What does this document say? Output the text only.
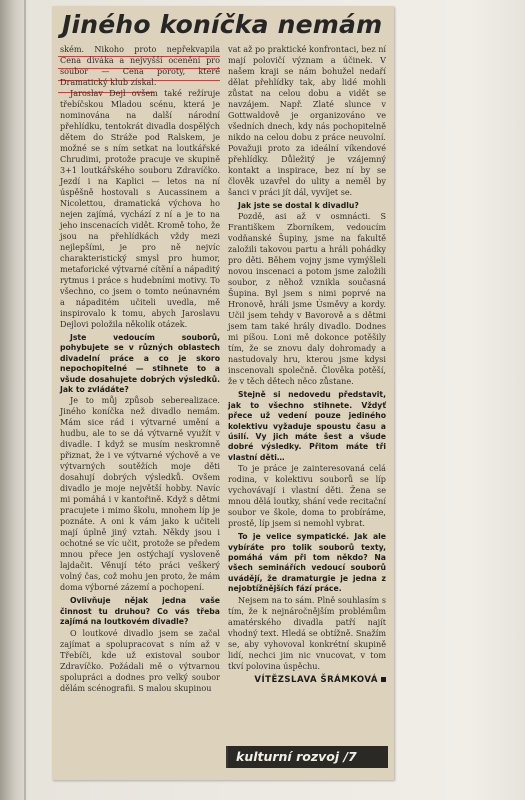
Jiného koníčka nemám

ském. Nikoho proto nepřekvapila Cena diváka a nejvyšší ocenění pro soubor — Cena poroty, které Dramatický klub získal.

Jaroslav Dejl ovšem také režíruje třebíčskou Mladou scénu, která je nominována na další národní přehlídku, tentokrát divadla dospělých dětem do Stráže pod Ralskem, je možné se s ním setkat na loutkářské Chrudimi, protože pracuje ve skupině 3+1 loutkářského souboru Zdravíčko. Jezdí i na Kaplici — letos na ní úspěšně hostovali s Aucassinem a Nicolettou, dramatická výchova ho nejen zajímá, vychází z ní a je to na jeho inscenacích vidět. Kromě toho, že jsou na přehlídkách vždy mezi nejlepšími, je pro ně nejvíc charakteristický smysl pro humor, metaforické výtvarné cítění a nápaditý rytmus i práce s hudebními motivy. To všechno, co jsem o tomto neúnavném a nápaditém učiteli uvedla, mě inspirovalo k tomu, abych Jaroslavu Dejlovi položila několik otázek.

Jste vedoucím souborů, pohybujete se v různých oblastech divadelní práce a co je skoro nepochopitelné — stihnete to a všude dosahujete dobrých výsledků. Jak to zvládáte?

Je to můj způsob seberealizace. Jiného koníčka než divadlo nemám. Mám sice rád i výtvarné umění a hudbu, ale to se dá výtvarně využít v divadle. I když se musím neskromně přiznat, že i ve výtvarné výchově a ve výtvarných soutěžích moje děti dosahují dobrých výsledků. Ovšem divadlo je moje největší hobby. Navíc mi pomáhá i v kantořině. Když s dětmi pracujete i mimo školu, mnohem líp je poznáte. A oni k vám jako k učiteli mají úplně jiný vztah. Někdy jsou i ochotné se víc učit, protože se předem mnou přece jen ostýchají vysloveně lajdačit. Věnují této práci veškerý volný čas, což mohu jen proto, že mám doma výborné zázemí a pochopení.

Ovlivňuje nějak jedna vaše činnost tu druhou? Co vás třeba zajímá na loutkovém divadle?

O loutkové divadlo jsem se začal zajímat a spolupracovat s ním až v Třebíči, kde už existoval soubor Zdravíčko. Požádali mě o výtvarnou spolupráci a dodnes pro velký soubor dělám scénografii. S malou skupinou

vat až po praktické konfrontaci, bez ní mají polovičí význam a účinek. V našem kraji se nám bohužel nedaří dělat přehlídky tak, aby lidé mohli zůstat na celou dobu a vidět se navzájem. Např. Zlaté slunce v Gottwaldově je organizováno ve všedních dnech, kdy nás pochopitelně nikdo na celou dobu z práce neuvolní. Považuji proto za ideální víkendové přehlídky. Důležitý je vzájemný kontakt a inspirace, bez ní by se člověk uzavřel do ulity a neměl by šanci v práci jít dál, vyvíjet se.

Jak jste se dostal k divadlu?

Pozdě, asi až v osmnácti. S Františkem Zborníkem, vedoucím vodňanské Šupiny, jsme na fakultě založili takovou partu a hráli pohádky pro děti. Během vojny jsme vymýšleli novou inscenaci a potom jsme založili soubor, z něhož vznikla současná Šupina. Byl jsem s nimi poprvé na Hronově, hráli jsme Úsměvy a kordy. Učil jsem tehdy v Bavorově a s dětmi jsem tam také hrály divadlo. Dodnes mi píšou. Loni mě dokonce potěšily tím, že se znovu daly dohromady a nastudovaly hru, kterou jsme kdysi inscenovali společně. Člověka potěší, že v těch dětech něco zůstane.

Stejně si nedovedu představit, jak to všechno stihnete. Vždyť přece už vedení pouze jediného kolektivu vyžaduje spoustu času a úsilí. Vy jich máte šest a všude dobré výsledky. Přitom máte tři vlastní děti…

To je práce je zainteresovaná celá rodina, v kolektivu souborů se líp vychovávají i vlastní děti. Žena se mnou dělá loutky, shání vede recitační soubor ve škole, doma to probíráme, prostě, líp jsem si nemohl vybrat.

To je velice sympatické. Jak ale vybíráte pro tolik souborů texty, pomáhá vám při tom někdo? Na všech seminářích vedoucí souborů uvádějí, že dramaturgie je jedna z nejobtížnějších fází práce.

Nejsem na to sám. Plně souhlasím s tím, že k nejnáročnějším problémům amatérského divadla patří najít vhodný text. Hledá se obtížně. Snažím se, aby vyhovoval konkrétní skupině lidí, nechci jim nic vnucovat, v tom tkví polovina úspěchu.

VÍTĚZSLAVA ŠRÁMKOVÁ

kulturní rozvoj /7
